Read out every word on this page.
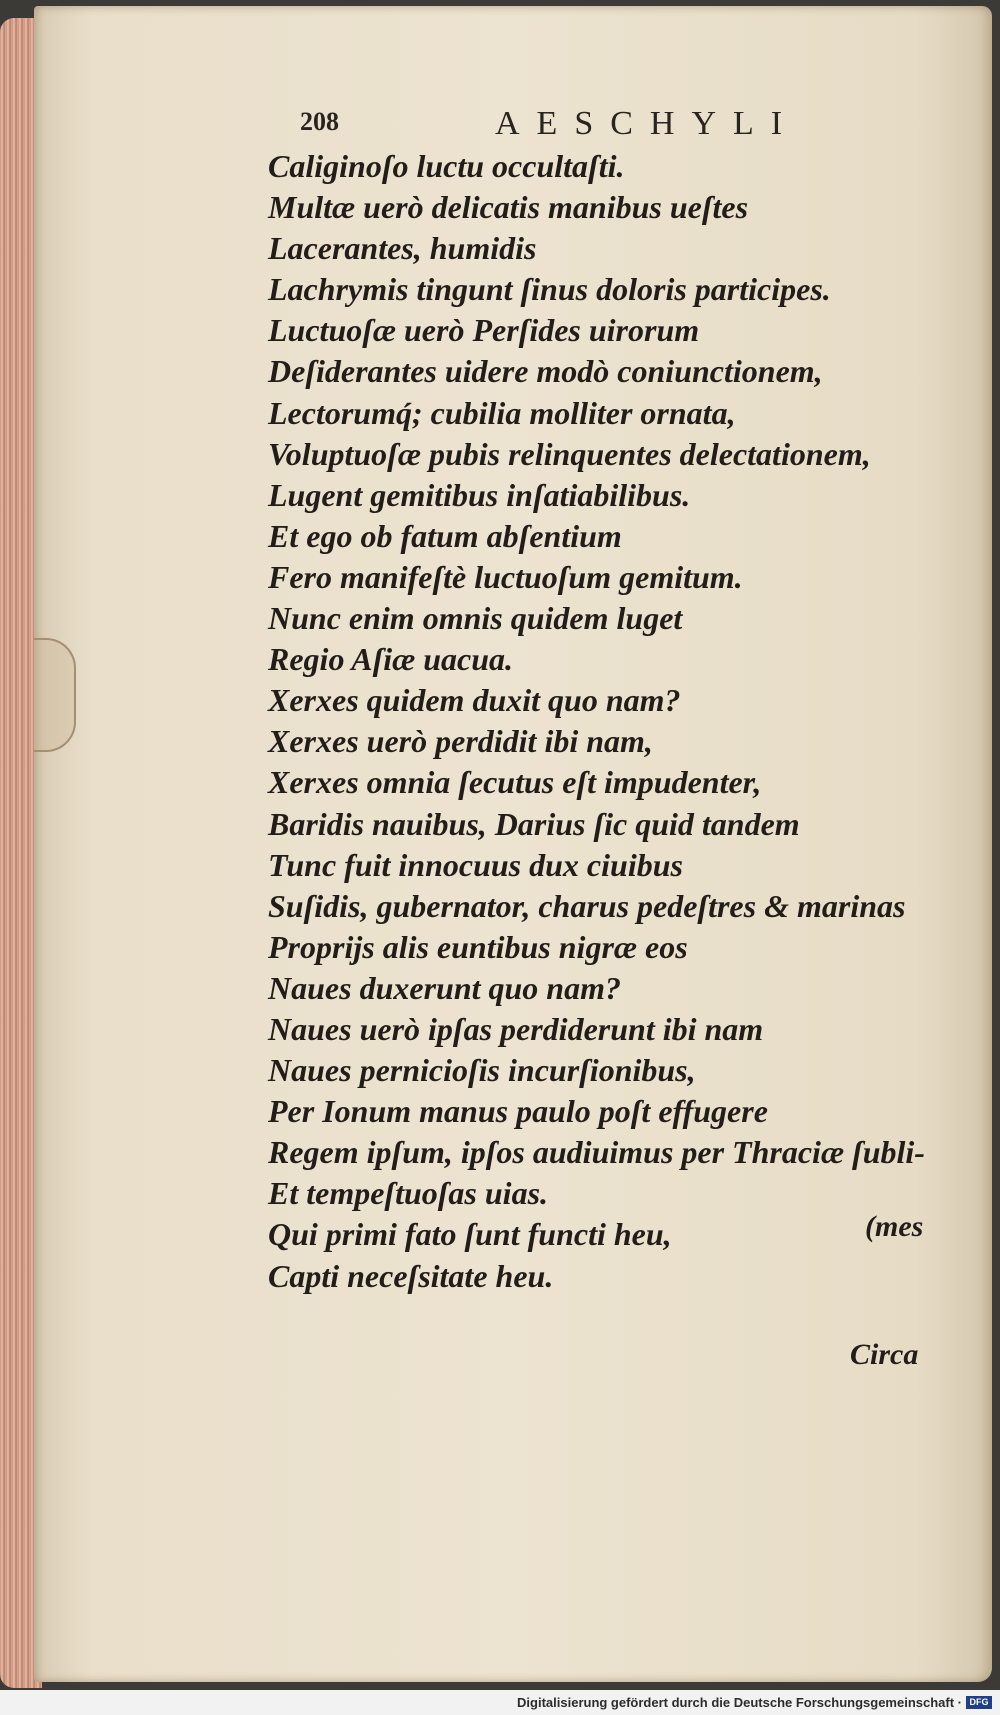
208	AESCHYLI
Caliginoſo luctu occultaſti.
Multæ uerò delicatis manibus ueſtes
Lacerantes, humidis
Lachrymis tingunt ſinus doloris participes.
Luctuoſæ uerò Perſides uirorum
Deſiderantes uidere modò coniunctionem,
Lectorumq́; cubilia molliter ornata,
Voluptuoſæ pubis relinquentes delectationem,
Lugent gemitibus inſatiabilibus.
Et ego ob fatum abſentium
Fero manifeſtè luctuoſum gemitum.
Nunc enim omnis quidem luget
Regio Aſiæ uacua.
Xerxes quidem duxit quo nam?
Xerxes uerò perdidit ibi nam,
Xerxes omnia ſecutus eſt impudenter,
Baridis nauibus, Darius ſic quid tandem
Tunc fuit innocuus dux ciuibus
Suſidis, gubernator, charus pedeſtres & marinas
Proprijs alis euntibus nigræ eos
Naues duxerunt quo nam?
Naues uerò ipſas perdiderunt ibi nam
Naues pernicioſis incurſionibus,
Per Ionum manus paulo poſt effugere
Regem ipſum, ipſos audiuimus per Thraciæ ſubli-
Et tempeſtuoſas uias.
Qui primi fato ſunt functi heu,
Capti neceſsitate heu.
(mes
Circa
Digitalisierung gefördert durch die Deutsche Forschungsgemeinschaft · DFG
